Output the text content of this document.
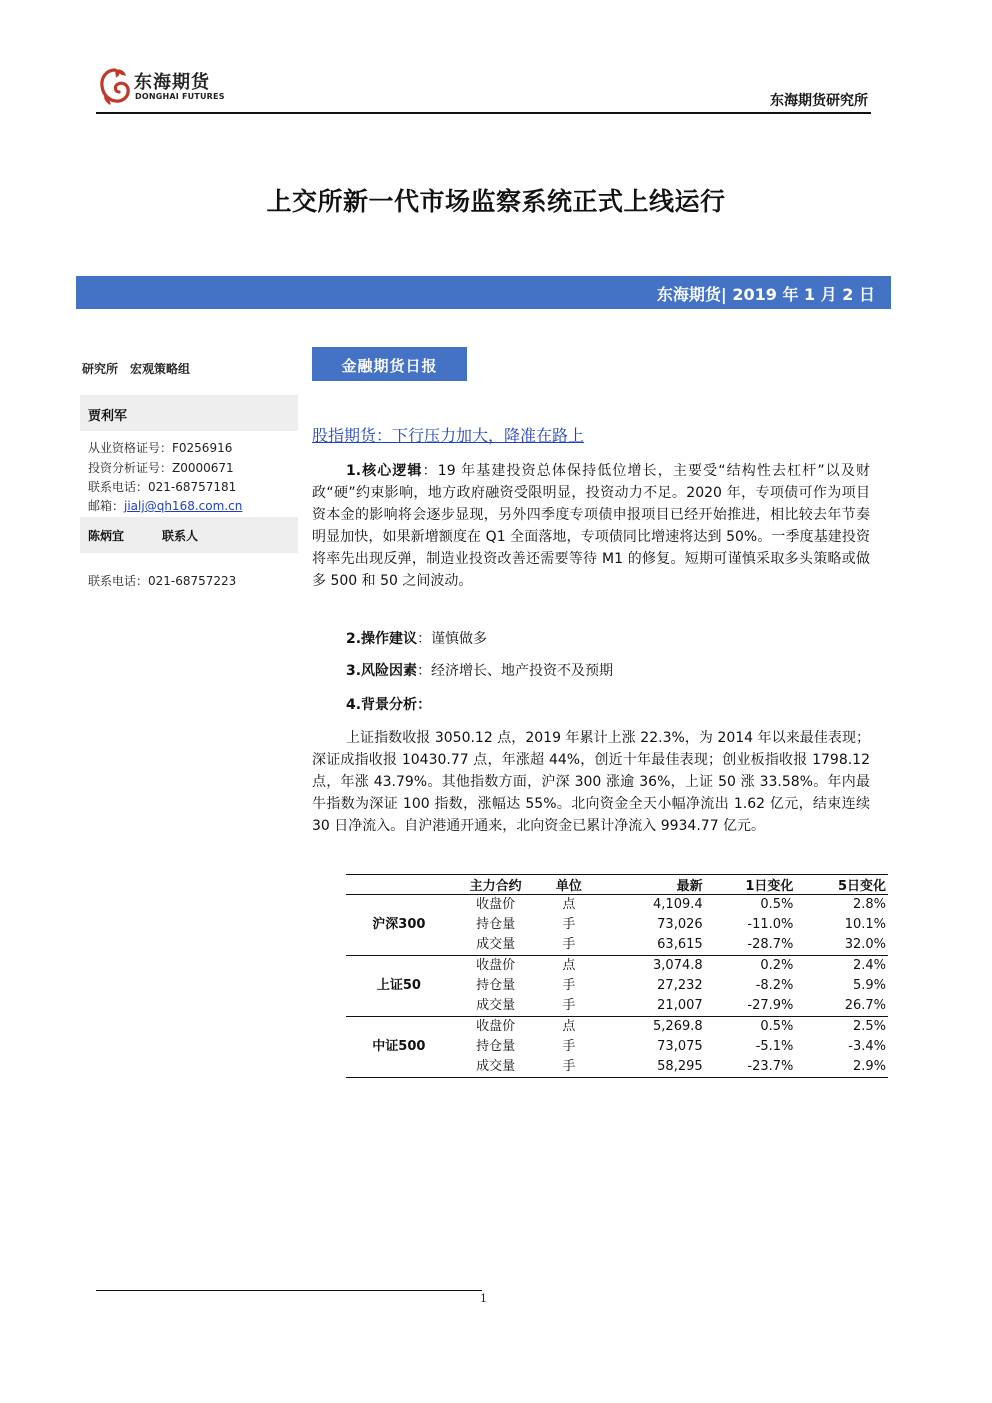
东海期货
DONGHAI FUTURES	东海期货研究所
上交所新一代市场监察系统正式上线运行
东海期货| 2019 年 1 月 2 日
研究所　宏观策略组
贾利军
从业资格证号：F0256916
投资分析证号：Z0000671
联系电话：021-68757181
邮箱：jialj@qh168.com.cn
陈炳宜	联系人
联系电话：021-68757223
金融期货日报
股指期货：下行压力加大，降准在路上
1.核心逻辑：19 年基建投资总体保持低位增长，主要受“结构性去杠杆”以及财政“硬”约束影响，地方政府融资受限明显，投资动力不足。2020 年，专项债可作为项目资本金的影响将会逐步显现，另外四季度专项债申报项目已经开始推进，相比较去年节奏明显加快，如果新增额度在 Q1 全面落地，专项债同比增速将达到 50%。一季度基建投资将率先出现反弹，制造业投资改善还需要等待 M1 的修复。短期可谨慎采取多头策略或做多 500 和 50 之间波动。
2.操作建议：谨慎做多
3.风险因素：经济增长、地产投资不及预期
4.背景分析：
上证指数收报 3050.12 点，2019 年累计上涨 22.3%，为 2014 年以来最佳表现；深证成指收报 10430.77 点，年涨超 44%，创近十年最佳表现；创业板指收报 1798.12 点，年涨 43.79%。其他指数方面，沪深 300 涨逾 36%，上证 50 涨 33.58%。年内最牛指数为深证 100 指数，涨幅达 55%。北向资金全天小幅净流出 1.62 亿元，结束连续 30 日净流入。自沪港通开通来，北向资金已累计净流入 9934.77 亿元。
	主力合约	单位	最新	1日变化	5日变化
沪深300	收盘价	点	4,109.4	0.5%	2.8%
	持仓量	手	73,026	-11.0%	10.1%
	成交量	手	63,615	-28.7%	32.0%
上证50	收盘价	点	3,074.8	0.2%	2.4%
	持仓量	手	27,232	-8.2%	5.9%
	成交量	手	21,007	-27.9%	26.7%
中证500	收盘价	点	5,269.8	0.5%	2.5%
	持仓量	手	73,075	-5.1%	-3.4%
	成交量	手	58,295	-23.7%	2.9%
1
